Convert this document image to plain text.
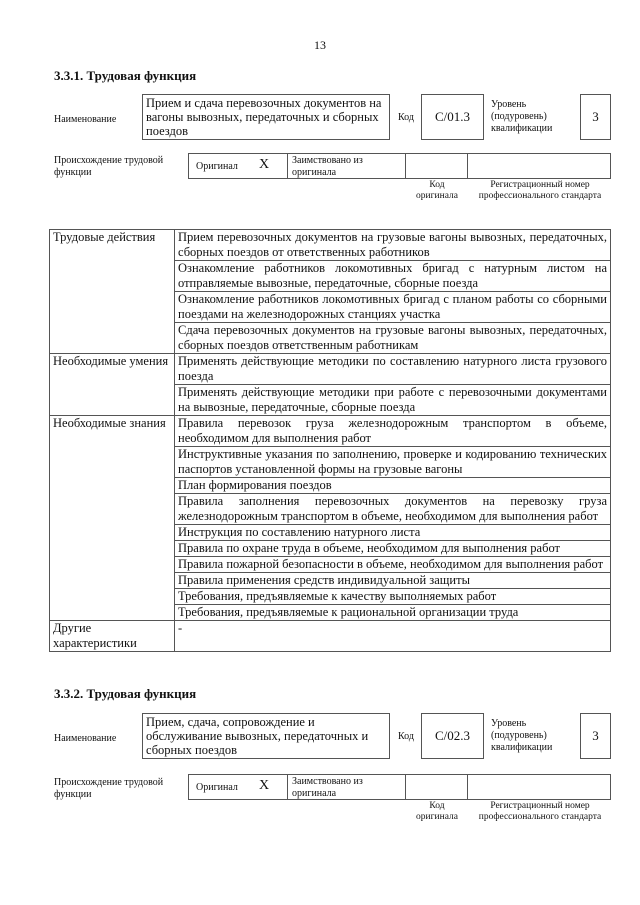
13
3.3.1. Трудовая функция
Наименование
Прием и сдача перевозочных документов на вагоны вывозных, передаточных и сборных поездов
Код	C/01.3
Уровень (подуровень) квалификации
3
Происхождение трудовой функции
Оригинал X Заимствовано из оригинала
Код оригинала
Регистрационный номер профессионального стандарта
Трудовые действия	Прием перевозочных документов на грузовые вагоны вывозных, передаточных, сборных поездов от ответственных работников
	Ознакомление работников локомотивных бригад с натурным листом на отправляемые вывозные, передаточные, сборные поезда
	Ознакомление работников локомотивных бригад с планом работы со сборными поездами на железнодорожных станциях участка
	Сдача перевозочных документов на грузовые вагоны вывозных, передаточных, сборных поездов ответственным работникам
Необходимые умения	Применять действующие методики по составлению натурного листа грузового поезда
	Применять действующие методики при работе с перевозочными документами на вывозные, передаточные, сборные поезда
Необходимые знания	Правила перевозок груза железнодорожным транспортом в объеме, необходимом для выполнения работ
	Инструктивные указания по заполнению, проверке и кодированию технических паспортов установленной формы на грузовые вагоны
	План формирования поездов
	Правила заполнения перевозочных документов на перевозку груза железнодорожным транспортом в объеме, необходимом для выполнения работ
	Инструкция по составлению натурного листа
	Правила по охране труда в объеме, необходимом для выполнения работ
	Правила пожарной безопасности в объеме, необходимом для выполнения работ
	Правила применения средств индивидуальной защиты
	Требования, предъявляемые к качеству выполняемых работ
	Требования, предъявляемые к рациональной организации труда
Другие характеристики	-
3.3.2. Трудовая функция
Наименование
Прием, сдача, сопровождение и обслуживание вывозных, передаточных и сборных поездов
Код	C/02.3
Уровень (подуровень) квалификации
3
Происхождение трудовой функции
Оригинал X Заимствовано из оригинала
Код оригинала
Регистрационный номер профессионального стандарта
